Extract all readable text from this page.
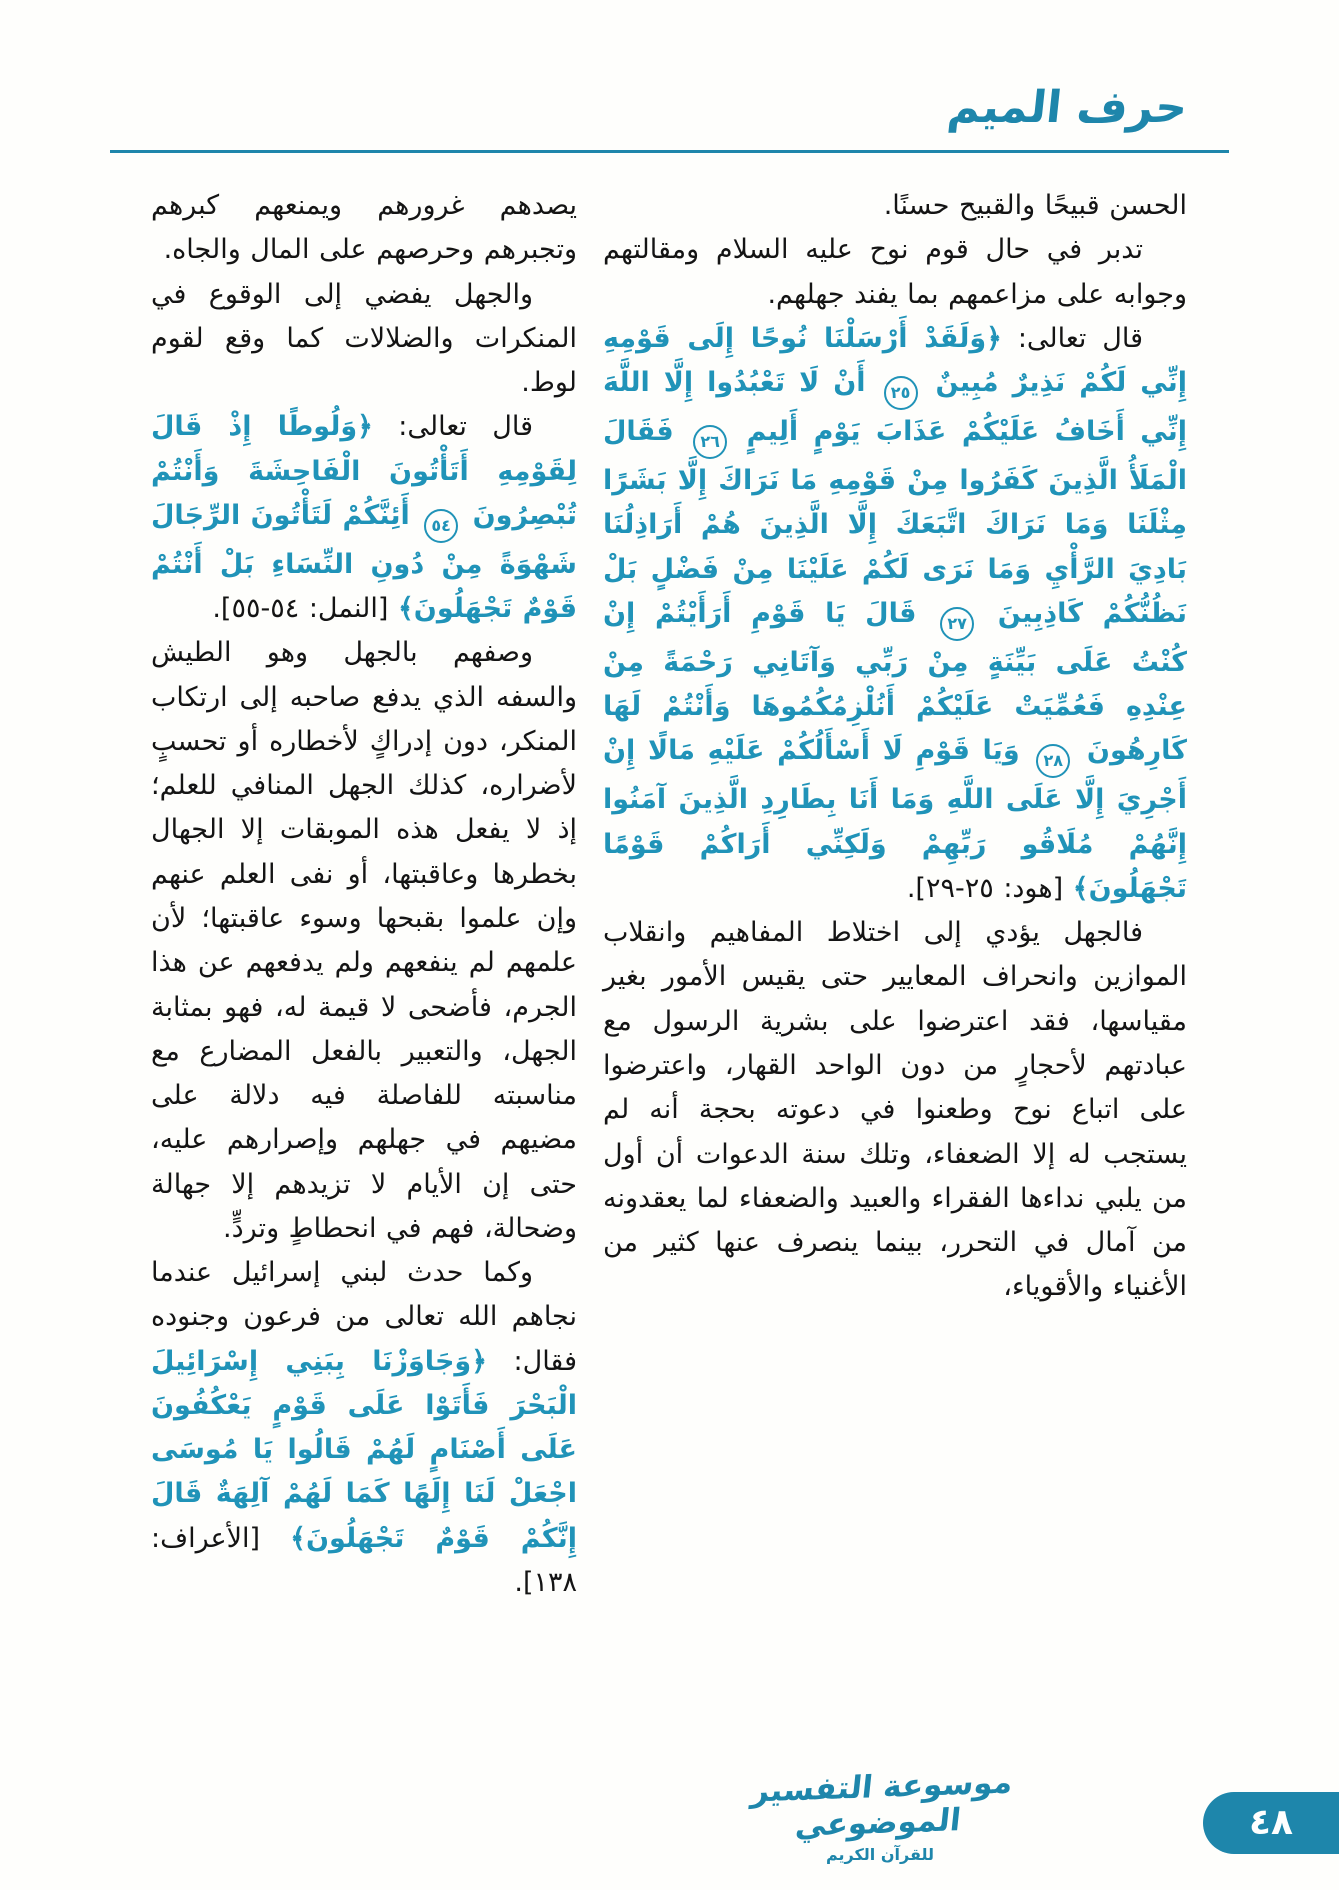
حرف الميم

الحسن قبيحًا والقبيح حسنًا.

تدبر في حال قوم نوح عليه السلام ومقالتهم وجوابه على مزاعمهم بما يفند جهلهم.

قال تعالى: ﴿وَلَقَدْ أَرْسَلْنَا نُوحًا إِلَى قَوْمِهِ إِنِّي لَكُمْ نَذِيرٌ مُبِينٌ ٢٥ أَنْ لَا تَعْبُدُوا إِلَّا اللَّهَ إِنِّي أَخَافُ عَلَيْكُمْ عَذَابَ يَوْمٍ أَلِيمٍ ٢٦ فَقَالَ الْمَلَأُ الَّذِينَ كَفَرُوا مِنْ قَوْمِهِ مَا نَرَاكَ إِلَّا بَشَرًا مِثْلَنَا وَمَا نَرَاكَ اتَّبَعَكَ إِلَّا الَّذِينَ هُمْ أَرَاذِلُنَا بَادِيَ الرَّأْيِ وَمَا نَرَى لَكُمْ عَلَيْنَا مِنْ فَضْلٍ بَلْ نَظُنُّكُمْ كَاذِبِينَ ٢٧ قَالَ يَا قَوْمِ أَرَأَيْتُمْ إِنْ كُنْتُ عَلَى بَيِّنَةٍ مِنْ رَبِّي وَآتَانِي رَحْمَةً مِنْ عِنْدِهِ فَعُمِّيَتْ عَلَيْكُمْ أَنُلْزِمُكُمُوهَا وَأَنْتُمْ لَهَا كَارِهُونَ ٢٨ وَيَا قَوْمِ لَا أَسْأَلُكُمْ عَلَيْهِ مَالًا إِنْ أَجْرِيَ إِلَّا عَلَى اللَّهِ وَمَا أَنَا بِطَارِدِ الَّذِينَ آمَنُوا إِنَّهُمْ مُلَاقُو رَبِّهِمْ وَلَكِنِّي أَرَاكُمْ قَوْمًا تَجْهَلُونَ﴾ [هود: ٢٥-٢٩].

فالجهل يؤدي إلى اختلاط المفاهيم وانقلاب الموازين وانحراف المعايير حتى يقيس الأمور بغير مقياسها، فقد اعترضوا على بشرية الرسول مع عبادتهم لأحجارٍ من دون الواحد القهار، واعترضوا على اتباع نوح وطعنوا في دعوته بحجة أنه لم يستجب له إلا الضعفاء، وتلك سنة الدعوات أن أول من يلبي نداءها الفقراء والعبيد والضعفاء لما يعقدونه من آمال في التحرر، بينما ينصرف عنها كثير من الأغنياء والأقوياء،

يصدهم غرورهم ويمنعهم كبرهم وتجبرهم وحرصهم على المال والجاه.

والجهل يفضي إلى الوقوع في المنكرات والضلالات كما وقع لقوم لوط.

قال تعالى: ﴿وَلُوطًا إِذْ قَالَ لِقَوْمِهِ أَتَأْتُونَ الْفَاحِشَةَ وَأَنْتُمْ تُبْصِرُونَ ٥٤ أَئِنَّكُمْ لَتَأْتُونَ الرِّجَالَ شَهْوَةً مِنْ دُونِ النِّسَاءِ بَلْ أَنْتُمْ قَوْمٌ تَجْهَلُونَ﴾ [النمل: ٥٤-٥٥].

وصفهم بالجهل وهو الطيش والسفه الذي يدفع صاحبه إلى ارتكاب المنكر، دون إدراكٍ لأخطاره أو تحسبٍ لأضراره، كذلك الجهل المنافي للعلم؛ إذ لا يفعل هذه الموبقات إلا الجهال بخطرها وعاقبتها، أو نفى العلم عنهم وإن علموا بقبحها وسوء عاقبتها؛ لأن علمهم لم ينفعهم ولم يدفعهم عن هذا الجرم، فأضحى لا قيمة له، فهو بمثابة الجهل، والتعبير بالفعل المضارع مع مناسبته للفاصلة فيه دلالة على مضيهم في جهلهم وإصرارهم عليه، حتى إن الأيام لا تزيدهم إلا جهالة وضحالة، فهم في انحطاطٍ وتردٍّ.

وكما حدث لبني إسرائيل عندما نجاهم الله تعالى من فرعون وجنوده فقال: ﴿وَجَاوَزْنَا بِبَنِي إِسْرَائِيلَ الْبَحْرَ فَأَتَوْا عَلَى قَوْمٍ يَعْكُفُونَ عَلَى أَصْنَامٍ لَهُمْ قَالُوا يَا مُوسَى اجْعَلْ لَنَا إِلَهًا كَمَا لَهُمْ آلِهَةٌ قَالَ إِنَّكُمْ قَوْمٌ تَجْهَلُونَ﴾ [الأعراف: ١٣٨].

موسوعة التفسير الموضوعي
للقرآن الكريم
٤٨
